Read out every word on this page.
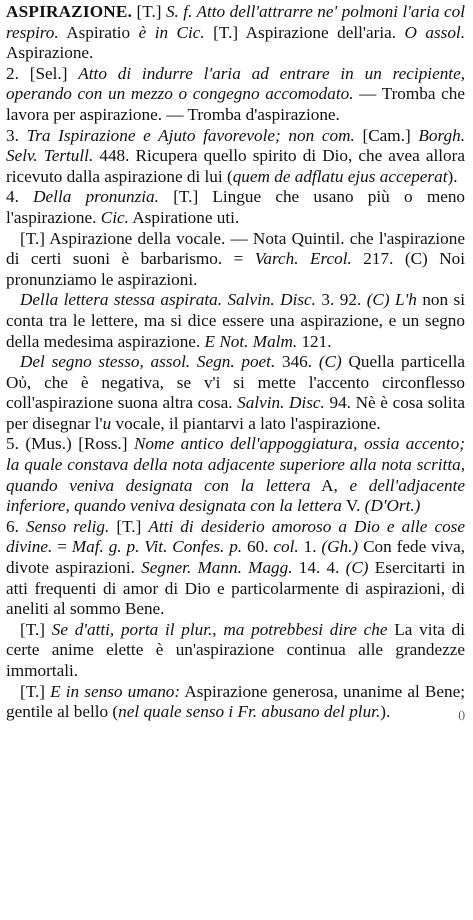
ASPIRAZIONE. [T.] S. f. Atto dell'attrarre ne' polmoni l'aria col respiro. Aspiratio è in Cic. [T.] Aspirazione dell'aria. O assol. Aspirazione.

2. [Sel.] Atto di indurre l'aria ad entrare in un recipiente, operando con un mezzo o congegno accomodato. — Tromba che lavora per aspirazione. — Tromba d'aspirazione.

3. Tra Ispirazione e Ajuto favorevole; non com. [Cam.] Borgh. Selv. Tertull. 448. Ricupera quello spirito di Dio, che avea allora ricevuto dalla aspirazione di lui (quem de adflatu ejus acceperat).

4. Della pronunzia. [T.] Lingue che usano più o meno l'aspirazione. Cic. Aspiratione uti.

[T.] Aspirazione della vocale. — Nota Quintil. che l'aspirazione di certi suoni è barbarismo. = Varch. Ercol. 217. (C) Noi pronunziamo le aspirazioni.

Della lettera stessa aspirata. Salvin. Disc. 3. 92. (C) L'h non si conta tra le lettere, ma si dice essere una aspirazione, e un segno della medesima aspirazione. E Not. Malm. 121.

Del segno stesso, assol. Segn. poet. 346. (C) Quella particella Oὐ, che è negativa, se v'i si mette l'accento circonflesso coll'aspirazione suona altra cosa. Salvin. Disc. 94. Nè è cosa solita per disegnar l'u vocale, il piantarvi a lato l'aspirazione.

5. (Mus.) [Ross.] Nome antico dell'appoggiatura, ossia accento; la quale constava della nota adjacente superiore alla nota scritta, quando veniva designata con la lettera A, e dell'adjacente inferiore, quando veniva designata con la lettera V. (D'Ort.)

6. Senso relig. [T.] Atti di desiderio amoroso a Dio e alle cose divine. = Maf. g. p. Vit. Confes. p. 60. col. 1. (Gh.) Con fede viva, divote aspirazioni. Segner. Mann. Magg. 14. 4. (C) Esercitarti in atti frequenti di amor di Dio e particolarmente di aspirazioni, di aneliti al sommo Bene.

[T.] Se d'atti, porta il plur., ma potrebbesi dire che La vita di certe anime elette è un'aspirazione continua alle grandezze immortali.

[T.] E in senso umano: Aspirazione generosa, unanime al Bene; gentile al bello (nel quale senso i Fr. abusano del plur.).	()
